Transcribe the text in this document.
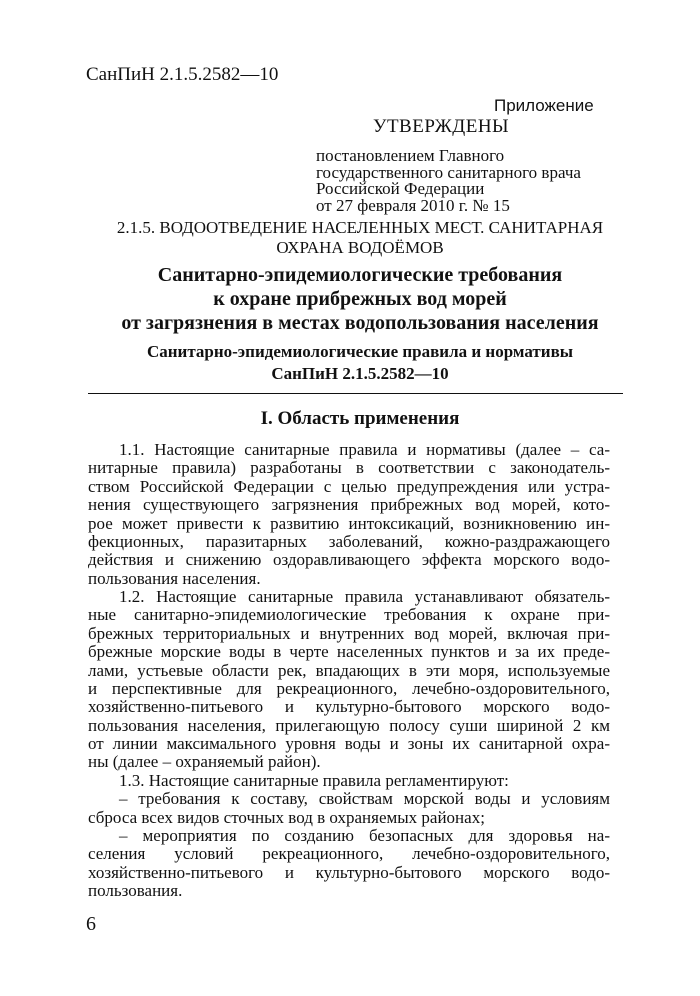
СанПиН 2.1.5.2582—10
Приложение
УТВЕРЖДЕНЫ
постановлением Главного
государственного санитарного врача
Российской Федерации
от 27 февраля 2010 г. № 15
2.1.5. ВОДООТВЕДЕНИЕ НАСЕЛЕННЫХ МЕСТ. САНИТАРНАЯ
ОХРАНА ВОДОЁМОВ
Санитарно-эпидемиологические требования
к охране прибрежных вод морей
от загрязнения в местах водопользования населения
Санитарно-эпидемиологические правила и нормативы
СанПиН 2.1.5.2582—10
I. Область применения
1.1. Настоящие санитарные правила и нормативы (далее – са-
нитарные правила) разработаны в соответствии с законодатель-
ством Российской Федерации с целью предупреждения или устра-
нения существующего загрязнения прибрежных вод морей, кото-
рое может привести к развитию интоксикаций, возникновению ин-
фекционных, паразитарных заболеваний, кожно-раздражающего
действия и снижению оздоравливающего эффекта морского водо-
пользования населения.
1.2. Настоящие санитарные правила устанавливают обязатель-
ные санитарно-эпидемиологические требования к охране при-
брежных территориальных и внутренних вод морей, включая при-
брежные морские воды в черте населенных пунктов и за их преде-
лами, устьевые области рек, впадающих в эти моря, используемые
и перспективные для рекреационного, лечебно-оздоровительного,
хозяйственно-питьевого и культурно-бытового морского водо-
пользования населения, прилегающую полосу суши шириной 2 км
от линии максимального уровня воды и зоны их санитарной охра-
ны (далее – охраняемый район).
1.3. Настоящие санитарные правила регламентируют:
– требования к составу, свойствам морской воды и условиям
сброса всех видов сточных вод в охраняемых районах;
– мероприятия по созданию безопасных для здоровья на-
селения условий рекреационного, лечебно-оздоровительного,
хозяйственно-питьевого и культурно-бытового морского водо-
пользования.
6
